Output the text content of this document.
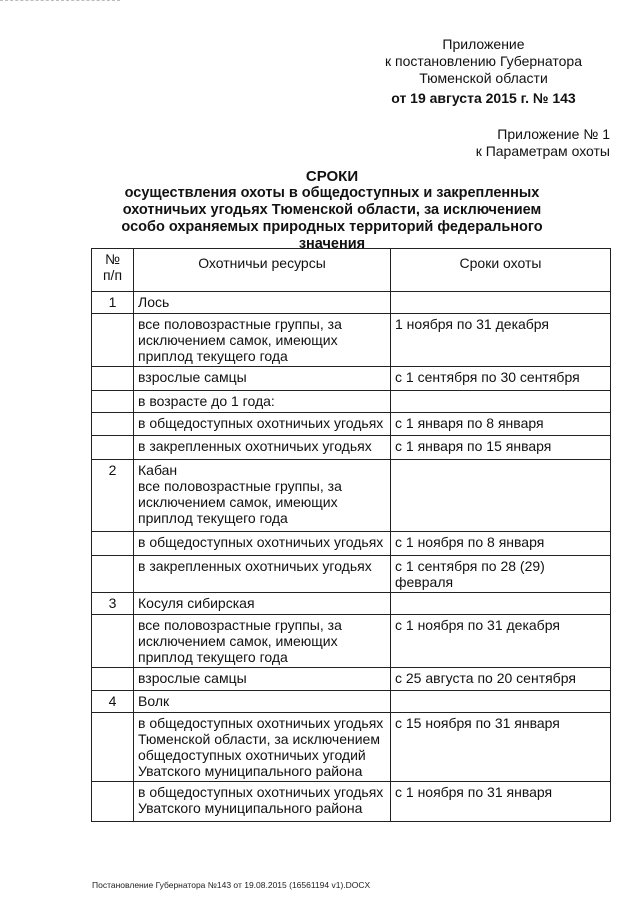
Приложение
к постановлению Губернатора
Тюменской области
от 19 августа 2015 г. № 143
Приложение № 1
к Параметрам охоты
СРОКИ
осуществления охоты в общедоступных и закрепленных
охотничьих угодьях Тюменской области, за исключением
особо охраняемых природных территорий федерального значения
№
п/п	Охотничьи ресурсы	Сроки охоты
1	Лось	
	все половозрастные группы, за исключением самок, имеющих приплод текущего года	1 ноября по 31 декабря
	взрослые самцы	с 1 сентября по 30 сентября
	в возрасте до 1 года:	
	в общедоступных охотничьих угодьях	с 1 января по 8 января
	в закрепленных охотничьих угодьях	с 1 января по 15 января
2	Кабан
все половозрастные группы, за исключением самок, имеющих приплод текущего года	
	в общедоступных охотничьих угодьях	с 1 ноября по 8 января
	в закрепленных охотничьих угодьях	с 1 сентября по 28 (29) февраля
3	Косуля сибирская	
	все половозрастные группы, за исключением самок, имеющих приплод текущего года	с 1 ноября по 31 декабря
	взрослые самцы	с 25 августа по 20 сентября
4	Волк	
	в общедоступных охотничьих угодьях Тюменской области, за исключением общедоступных охотничьих угодий Уватского муниципального района	с 15 ноября по 31 января
	в общедоступных охотничьих угодьях Уватского муниципального района	с 1 ноября по 31 января
Постановление Губернатора №143 от 19.08.2015 (16561194 v1).DOCX
